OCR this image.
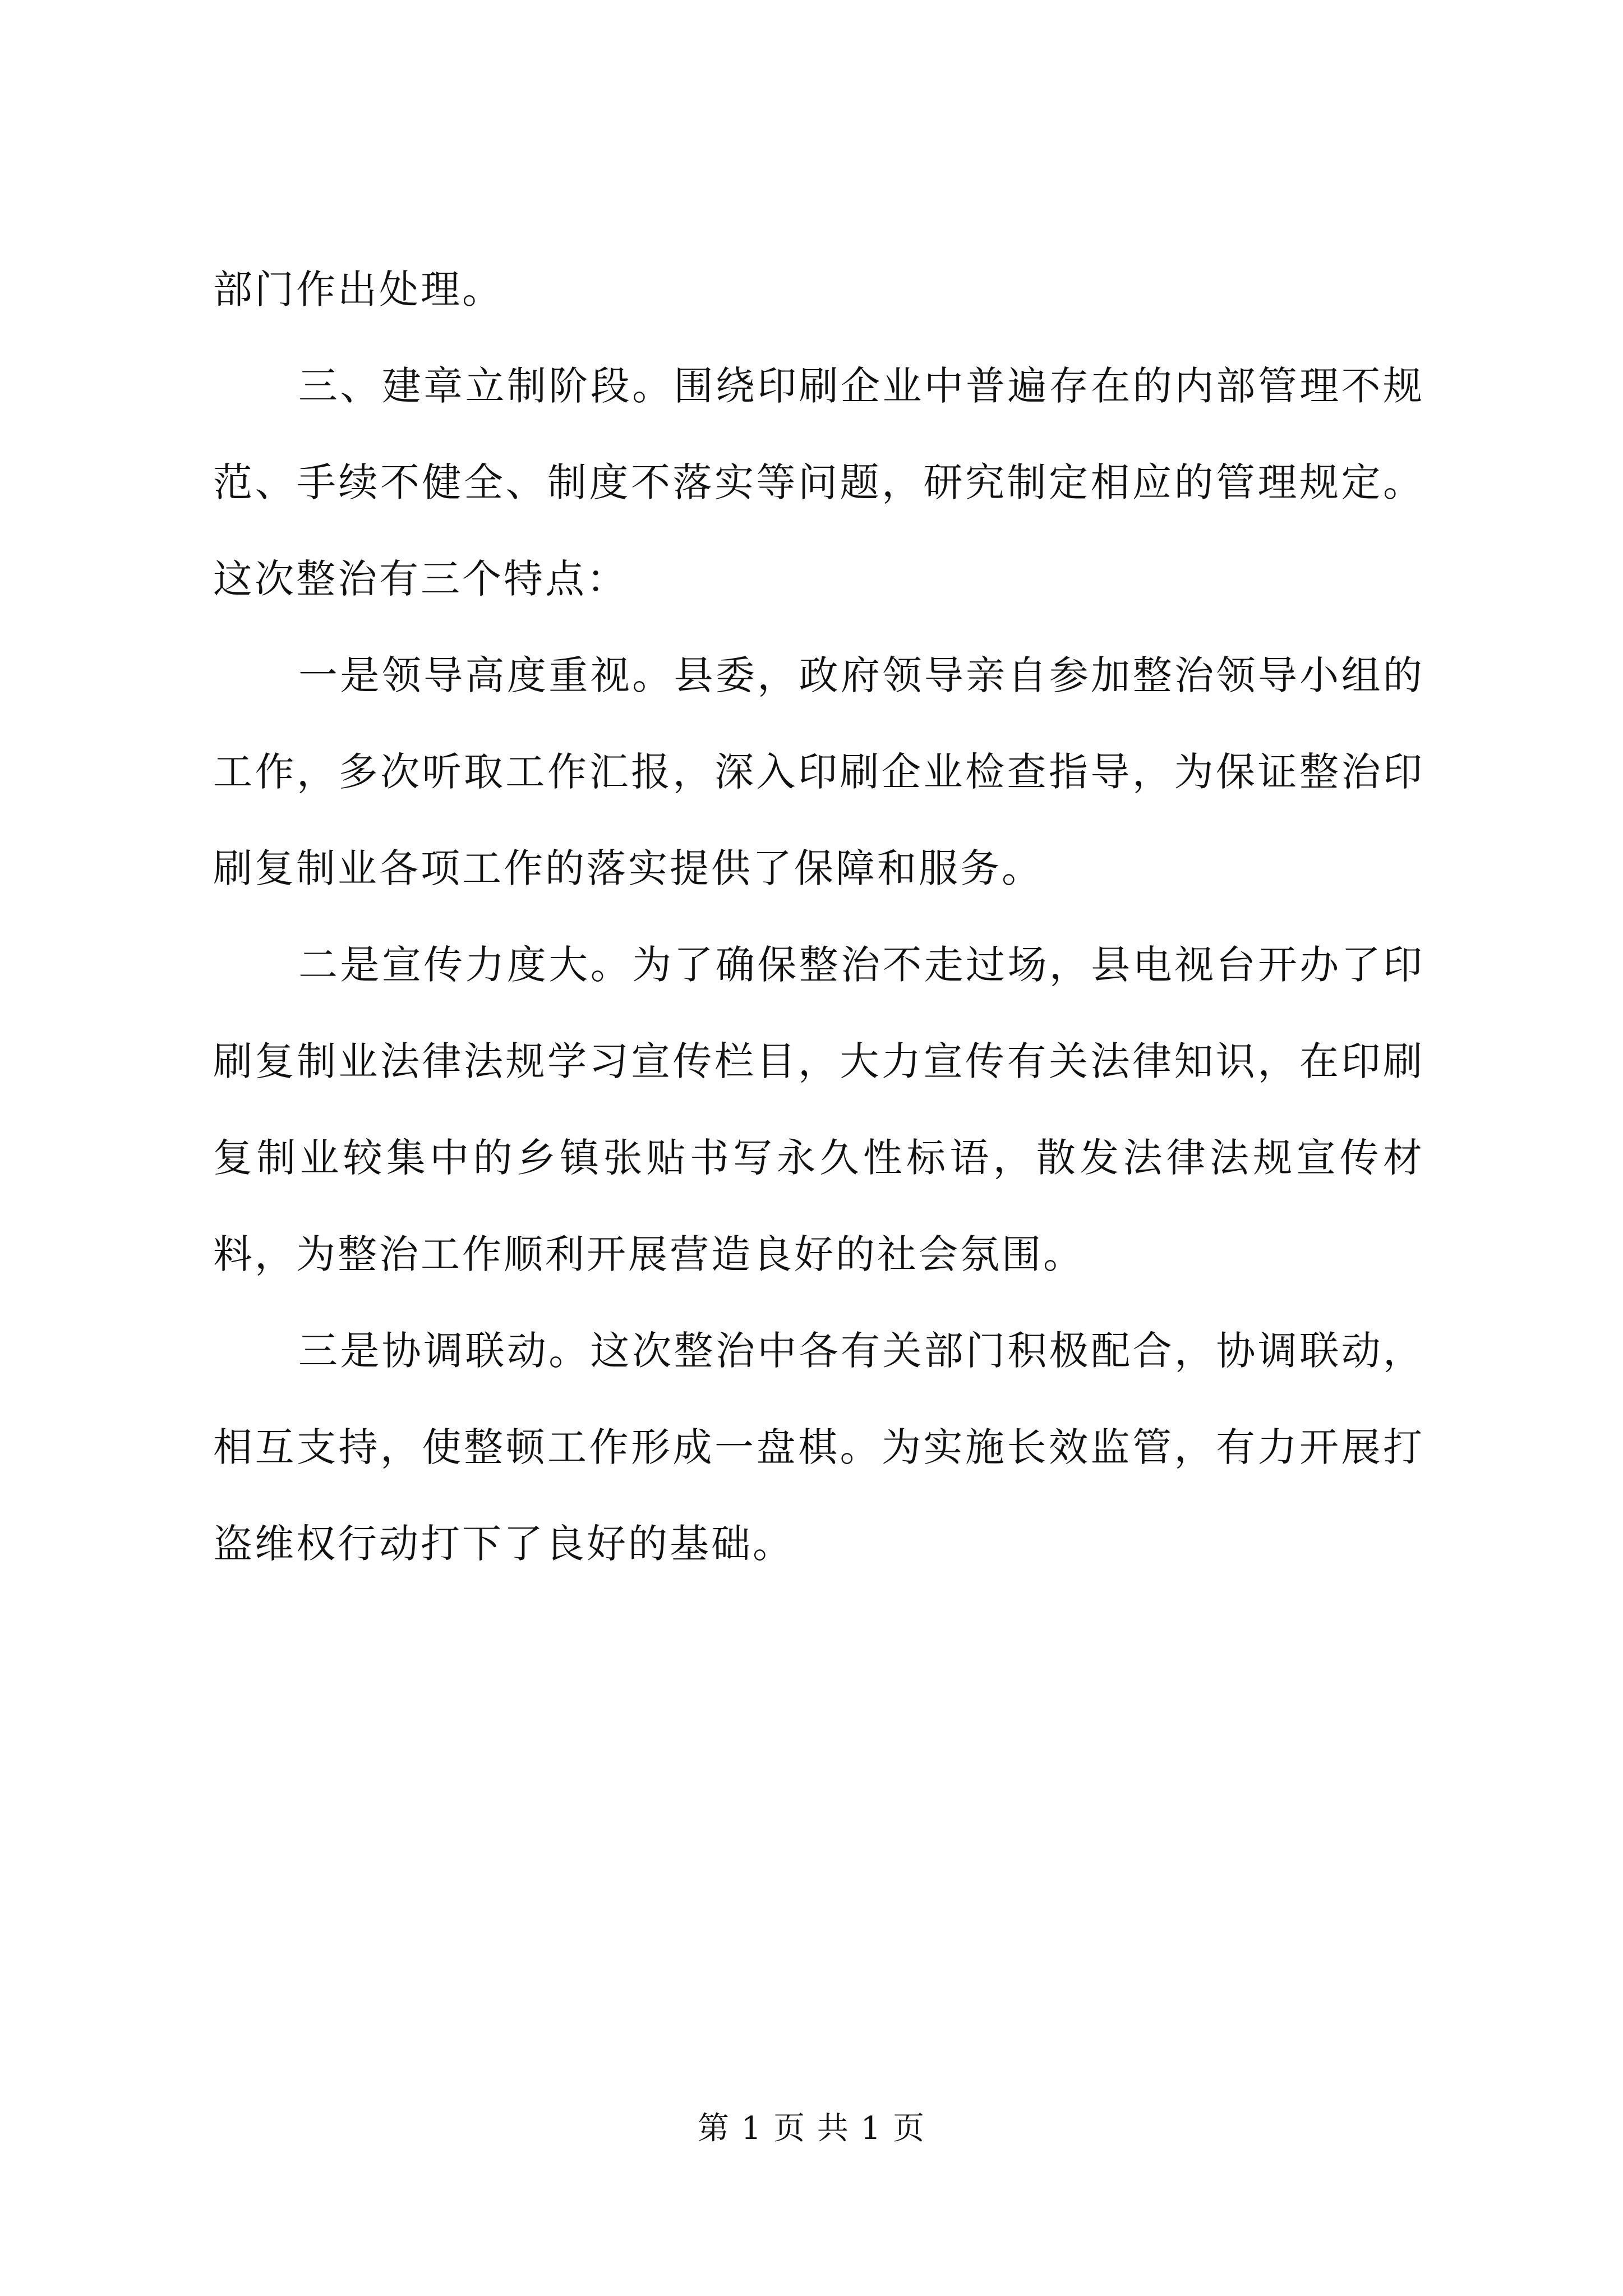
部门作出处理。

三、建章立制阶段。围绕印刷企业中普遍存在的内部管理不规范、手续不健全、制度不落实等问题，研究制定相应的管理规定。这次整治有三个特点：

一是领导高度重视。县委，政府领导亲自参加整治领导小组的工作，多次听取工作汇报，深入印刷企业检查指导，为保证整治印刷复制业各项工作的落实提供了保障和服务。

二是宣传力度大。为了确保整治不走过场，县电视台开办了印刷复制业法律法规学习宣传栏目，大力宣传有关法律知识，在印刷复制业较集中的乡镇张贴书写永久性标语，散发法律法规宣传材料，为整治工作顺利开展营造良好的社会氛围。

三是协调联动。这次整治中各有关部门积极配合，协调联动，相互支持，使整顿工作形成一盘棋。为实施长效监管，有力开展打盗维权行动打下了良好的基础。

第 1 页 共 1 页
